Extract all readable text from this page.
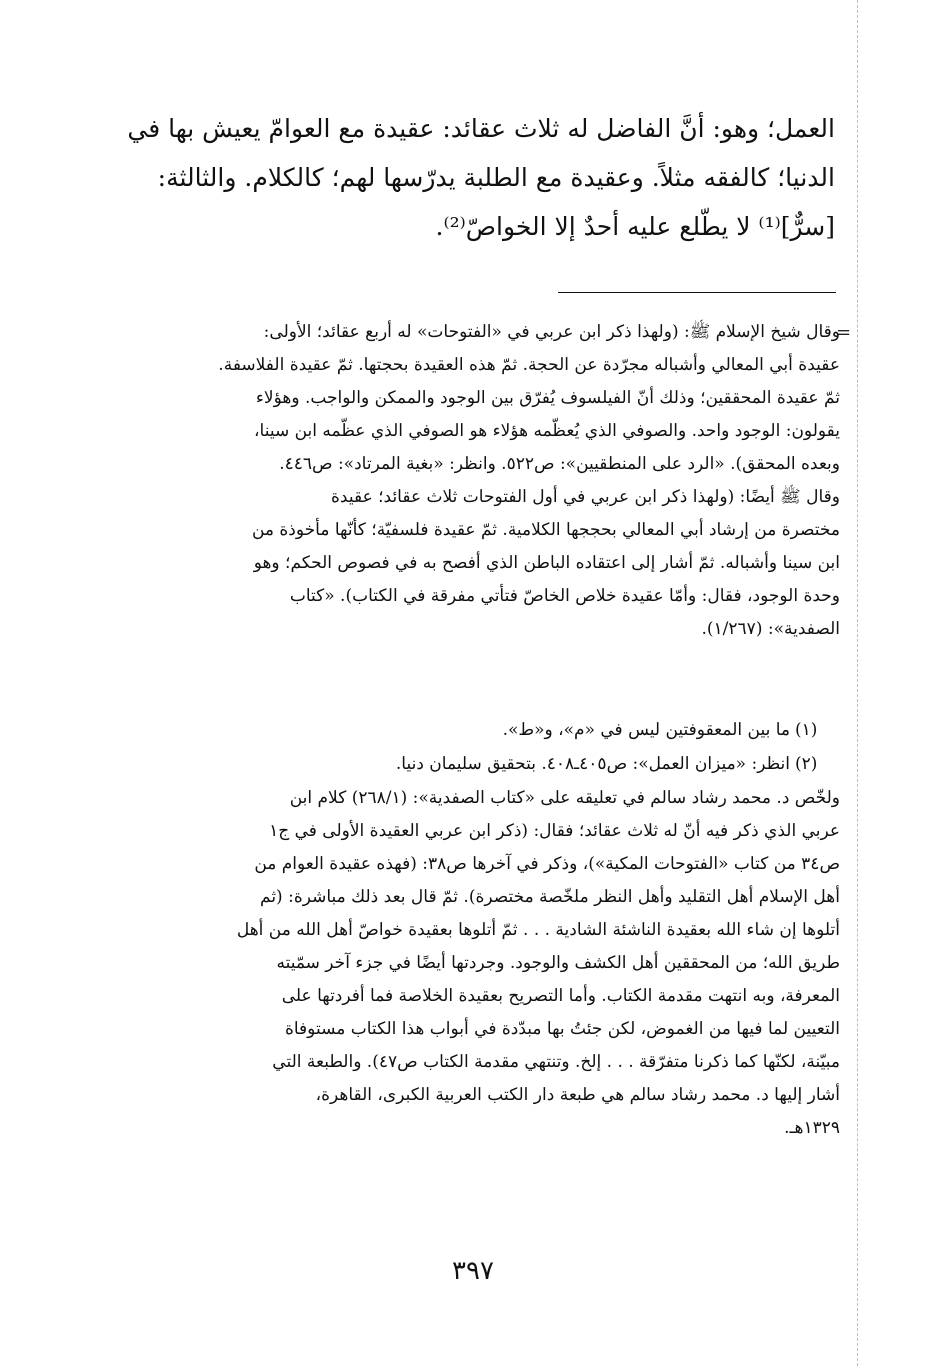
العمل؛ وهو: أنَّ الفاضل له ثلاث عقائد: عقيدة مع العوامّ يعيش بها في
الدنيا؛ كالفقه مثلاً. وعقيدة مع الطلبة يدرّسها لهم؛ كالكلام. والثالثة:
[سرٌّ]⁽¹⁾ لا يطّلع عليه أحدٌ إلا الخواصّ⁽²⁾.
=
وقال شيخ الإسلام ﷺ: (ولهذا ذكر ابن عربي في «الفتوحات» له أربع عقائد؛ الأولى:
عقيدة أبي المعالي وأشباله مجرّدة عن الحجة. ثمّ هذه العقيدة بحجتها. ثمّ عقيدة الفلاسفة.
ثمّ عقيدة المحققين؛ وذلك أنّ الفيلسوف يُفرّق بين الوجود والممكن والواجب. وهؤلاء
يقولون: الوجود واحد. والصوفي الذي يُعظّمه هؤلاء هو الصوفي الذي عظّمه ابن سينا،
وبعده المحقق). «الرد على المنطقيين»: ص٥٢٢. وانظر: «بغية المرتاد»: ص٤٤٦.
وقال ﷺ أيضًا: (ولهذا ذكر ابن عربي في أول الفتوحات ثلاث عقائد؛ عقيدة
مختصرة من إرشاد أبي المعالي بحججها الكلامية. ثمّ عقيدة فلسفيّة؛ كأنّها مأخوذة من
ابن سينا وأشباله. ثمّ أشار إلى اعتقاده الباطن الذي أفصح به في فصوص الحكم؛ وهو
وحدة الوجود، فقال: وأمّا عقيدة خلاص الخاصّ فتأتي مفرقة في الكتاب). «كتاب
الصفدية»: (١/٢٦٧).
(١)
ما بين المعقوفتين ليس في «م»، و«ط».
(٢)
انظر: «ميزان العمل»: ص٤٠٥ـ٤٠٨. بتحقيق سليمان دنيا.
ولخّص د. محمد رشاد سالم في تعليقه على «كتاب الصفدية»: (٢٦٨/١) كلام ابن
عربي الذي ذكر فيه أنّ له ثلاث عقائد؛ فقال: (ذكر ابن عربي العقيدة الأولى في ج١
ص٣٤ من كتاب «الفتوحات المكية»)، وذكر في آخرها ص٣٨: (فهذه عقيدة العوام من
أهل الإسلام أهل التقليد وأهل النظر ملخّصة مختصرة). ثمّ قال بعد ذلك مباشرة: (ثم
أتلوها إن شاء الله بعقيدة الناشئة الشادية . . . ثمّ أتلوها بعقيدة خواصّ أهل الله من أهل
طريق الله؛ من المحققين أهل الكشف والوجود. وجردتها أيضًا في جزء آخر سمّيته
المعرفة، وبه انتهت مقدمة الكتاب. وأما التصريح بعقيدة الخلاصة فما أفردتها على
التعيين لما فيها من الغموض، لكن جئتُ بها مبدّدة في أبواب هذا الكتاب مستوفاة
مبيّنة، لكنّها كما ذكرنا متفرّقة . . . إلخ. وتنتهي مقدمة الكتاب ص٤٧). والطبعة التي
أشار إليها د. محمد رشاد سالم هي طبعة دار الكتب العربية الكبرى، القاهرة،
١٣٢٩هـ.
٣٩٧
